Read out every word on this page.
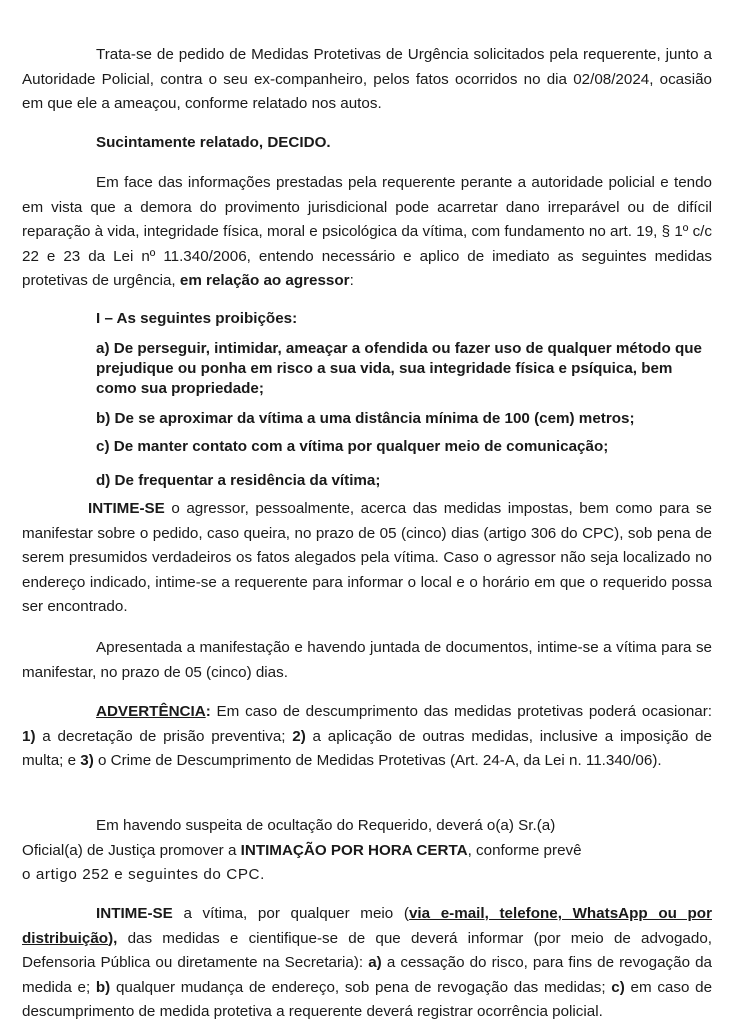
Trata-se de pedido de Medidas Protetivas de Urgência solicitados pela requerente, junto a Autoridade Policial, contra o seu ex-companheiro, pelos fatos ocorridos no dia 02/08/2024, ocasião em que ele a ameaçou, conforme relatado nos autos.

Sucintamente relatado, DECIDO.

Em face das informações prestadas pela requerente perante a autoridade policial e tendo em vista que a demora do provimento jurisdicional pode acarretar dano irreparável ou de difícil reparação à vida, integridade física, moral e psicológica da vítima, com fundamento no art. 19, § 1º c/c 22 e 23 da Lei nº 11.340/2006, entendo necessário e aplico de imediato as seguintes medidas protetivas de urgência, em relação ao agressor:

I – As seguintes proibições:

a) De perseguir, intimidar, ameaçar a ofendida ou fazer uso de qualquer método que prejudique ou ponha em risco a sua vida, sua integridade física e psíquica, bem como sua propriedade;

b) De se aproximar da vítima a uma distância mínima de 100 (cem) metros;

c) De manter contato com a vítima por qualquer meio de comunicação;

d) De frequentar a residência da vítima;

INTIME-SE o agressor, pessoalmente, acerca das medidas impostas, bem como para se manifestar sobre o pedido, caso queira, no prazo de 05 (cinco) dias (artigo 306 do CPC), sob pena de serem presumidos verdadeiros os fatos alegados pela vítima. Caso o agressor não seja localizado no endereço indicado, intime-se a requerente para informar o local e o horário em que o requerido possa ser encontrado.

Apresentada a manifestação e havendo juntada de documentos, intime-se a vítima para se manifestar, no prazo de 05 (cinco) dias.

ADVERTÊNCIA: Em caso de descumprimento das medidas protetivas poderá ocasionar: 1) a decretação de prisão preventiva; 2) a aplicação de outras medidas, inclusive a imposição de multa; e 3) o Crime de Descumprimento de Medidas Protetivas (Art. 24-A, da Lei n. 11.340/06).

Em havendo suspeita de ocultação do Requerido, deverá o(a) Sr.(a)

Oficial(a) de Justiça promover a INTIMAÇÃO POR HORA CERTA, conforme prevê

o artigo 252 e seguintes do CPC.

INTIME-SE a vítima, por qualquer meio (via e-mail, telefone, WhatsApp ou por distribuição), das medidas e cientifique-se de que deverá informar (por meio de advogado, Defensoria Pública ou diretamente na Secretaria): a) a cessação do risco, para fins de revogação da medida e; b) qualquer mudança de endereço, sob pena de revogação das medidas; c) em caso de descumprimento de medida protetiva a requerente deverá registrar ocorrência policial.
